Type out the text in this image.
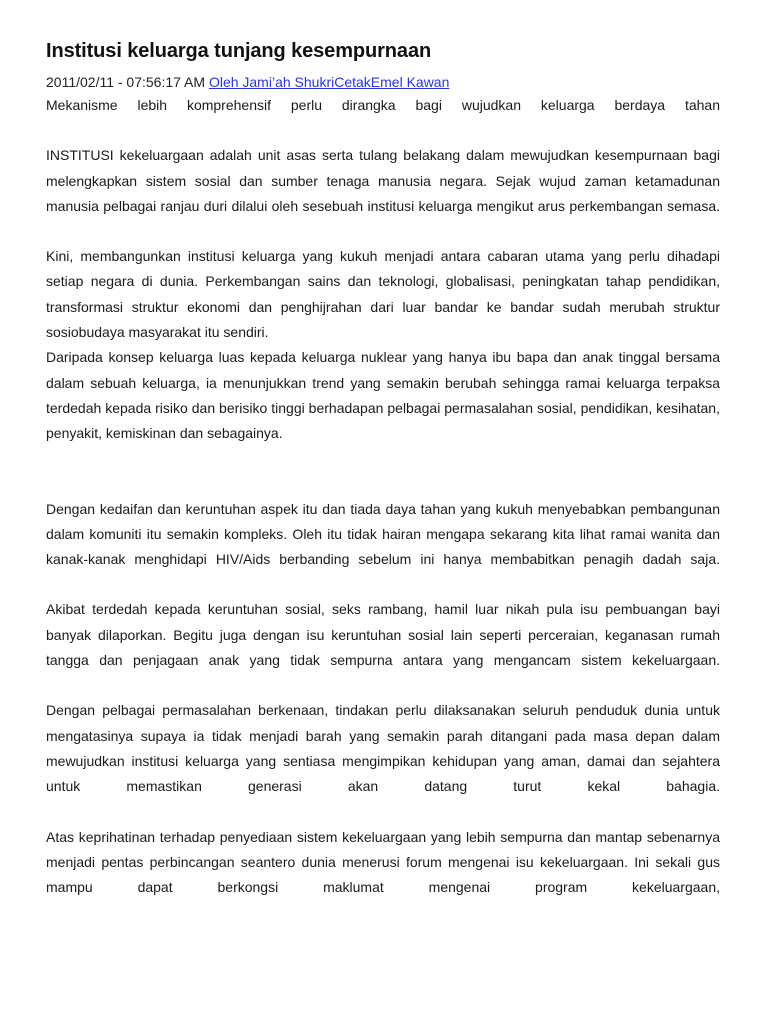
Institusi keluarga tunjang kesempurnaan

2011/02/11 - 07:56:17 AM Oleh Jami’ah ShukriCetakEmel Kawan

Mekanisme lebih komprehensif perlu dirangka bagi wujudkan keluarga berdaya tahan

INSTITUSI kekeluargaan adalah unit asas serta tulang belakang dalam mewujudkan kesempurnaan bagi melengkapkan sistem sosial dan sumber tenaga manusia negara. Sejak wujud zaman ketamadunan manusia pelbagai ranjau duri dilalui oleh sesebuah institusi keluarga mengikut arus perkembangan semasa.

Kini, membangunkan institusi keluarga yang kukuh menjadi antara cabaran utama yang perlu dihadapi setiap negara di dunia. Perkembangan sains dan teknologi, globalisasi, peningkatan tahap pendidikan, transformasi struktur ekonomi dan penghijrahan dari luar bandar ke bandar sudah merubah struktur sosiobudaya masyarakat itu sendiri.

Daripada konsep keluarga luas kepada keluarga nuklear yang hanya ibu bapa dan anak tinggal bersama dalam sebuah keluarga, ia menunjukkan trend yang semakin berubah sehingga ramai keluarga terpaksa terdedah kepada risiko dan berisiko tinggi berhadapan pelbagai permasalahan sosial, pendidikan, kesihatan, penyakit, kemiskinan dan sebagainya.

Dengan kedaifan dan keruntuhan aspek itu dan tiada daya tahan yang kukuh menyebabkan pembangunan dalam komuniti itu semakin kompleks. Oleh itu tidak hairan mengapa sekarang kita lihat ramai wanita dan kanak-kanak menghidapi HIV/Aids berbanding sebelum ini hanya membabitkan penagih dadah saja.

Akibat terdedah kepada keruntuhan sosial, seks rambang, hamil luar nikah pula isu pembuangan bayi banyak dilaporkan. Begitu juga dengan isu keruntuhan sosial lain seperti perceraian, keganasan rumah tangga dan penjagaan anak yang tidak sempurna antara yang mengancam sistem kekeluargaan.

Dengan pelbagai permasalahan berkenaan, tindakan perlu dilaksanakan seluruh penduduk dunia untuk mengatasinya supaya ia tidak menjadi barah yang semakin parah ditangani pada masa depan dalam mewujudkan institusi keluarga yang sentiasa mengimpikan kehidupan yang aman, damai dan sejahtera untuk memastikan generasi akan datang turut kekal bahagia.

Atas keprihatinan terhadap penyediaan sistem kekeluargaan yang lebih sempurna dan mantap sebenarnya menjadi pentas perbincangan seantero dunia menerusi forum mengenai isu kekeluargaan. Ini sekali gus mampu dapat berkongsi maklumat mengenai program kekeluargaan,
